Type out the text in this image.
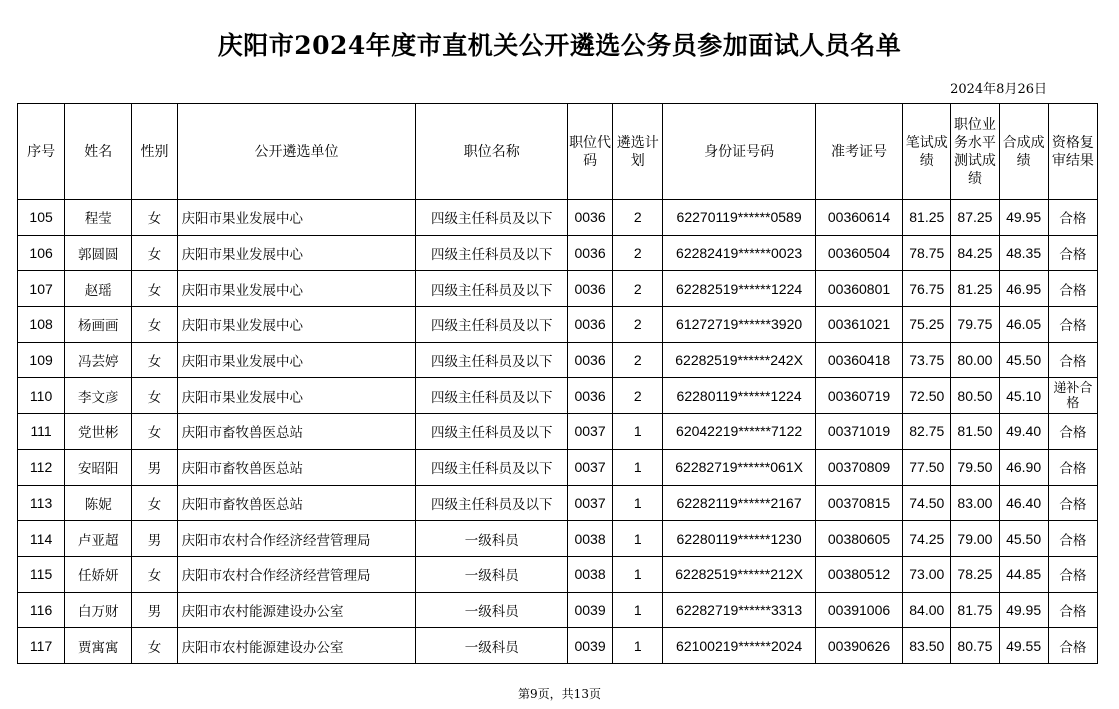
庆阳市2024年度市直机关公开遴选公务员参加面试人员名单
2024年8月26日
序号	姓名	性别	公开遴选单位	职位名称	职位代码	遴选计划	身份证号码	准考证号	笔试成绩	职位业务水平测试成绩	合成成绩	资格复审结果
105	程莹	女	庆阳市果业发展中心	四级主任科员及以下	0036	2	62270119******0589	00360614	81.25	87.25	49.95	合格
106	郭圆圆	女	庆阳市果业发展中心	四级主任科员及以下	0036	2	62282419******0023	00360504	78.75	84.25	48.35	合格
107	赵瑶	女	庆阳市果业发展中心	四级主任科员及以下	0036	2	62282519******1224	00360801	76.75	81.25	46.95	合格
108	杨画画	女	庆阳市果业发展中心	四级主任科员及以下	0036	2	61272719******3920	00361021	75.25	79.75	46.05	合格
109	冯芸婷	女	庆阳市果业发展中心	四级主任科员及以下	0036	2	62282519******242X	00360418	73.75	80.00	45.50	合格
110	李文彦	女	庆阳市果业发展中心	四级主任科员及以下	0036	2	62280119******1224	00360719	72.50	80.50	45.10	递补合格
111	党世彬	女	庆阳市畜牧兽医总站	四级主任科员及以下	0037	1	62042219******7122	00371019	82.75	81.50	49.40	合格
112	安昭阳	男	庆阳市畜牧兽医总站	四级主任科员及以下	0037	1	62282719******061X	00370809	77.50	79.50	46.90	合格
113	陈妮	女	庆阳市畜牧兽医总站	四级主任科员及以下	0037	1	62282119******2167	00370815	74.50	83.00	46.40	合格
114	卢亚超	男	庆阳市农村合作经济经营管理局	一级科员	0038	1	62280119******1230	00380605	74.25	79.00	45.50	合格
115	任娇妍	女	庆阳市农村合作经济经营管理局	一级科员	0038	1	62282519******212X	00380512	73.00	78.25	44.85	合格
116	白万财	男	庆阳市农村能源建设办公室	一级科员	0039	1	62282719******3313	00391006	84.00	81.75	49.95	合格
117	贾寓寓	女	庆阳市农村能源建设办公室	一级科员	0039	1	62100219******2024	00390626	83.50	80.75	49.55	合格
第9页，共13页
